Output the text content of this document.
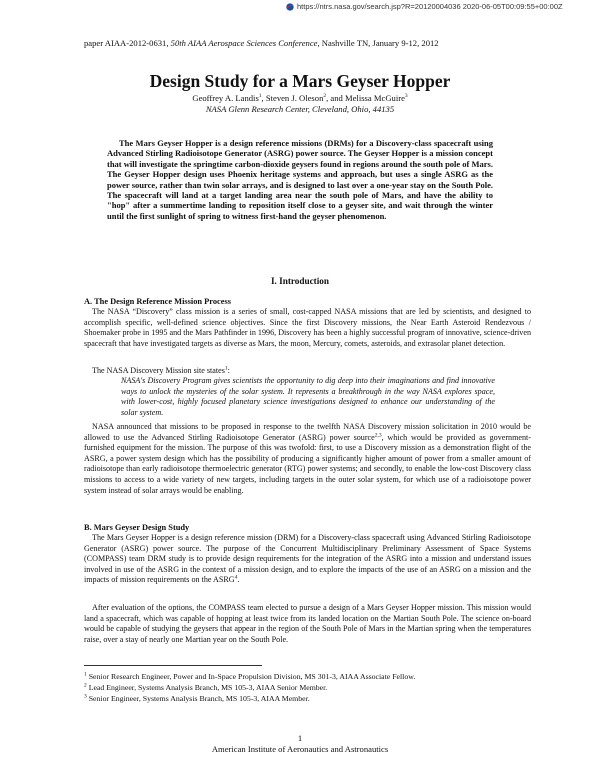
https://ntrs.nasa.gov/search.jsp?R=20120004036 2020-06-05T00:09:55+00:00Z
paper AIAA-2012-0631, 50th AIAA Aerospace Sciences Conference, Nashville TN, January 9-12, 2012
Design Study for a Mars Geyser Hopper
Geoffrey A. Landis$^1$, Steven J. Oleson$^2$, and Melissa McGuire$^3$
NASA Glenn Research Center, Cleveland, Ohio, 44135

The Mars Geyser Hopper is a design reference missions (DRMs) for a Discovery-class spacecraft using Advanced Stirling Radioisotope Generator (ASRG) power source. The Geyser Hopper is a mission concept that will investigate the springtime carbon-dioxide geysers found in regions around the south pole of Mars. The Geyser Hopper design uses Phoenix heritage systems and approach, but uses a single ASRG as the power source, rather than twin solar arrays, and is designed to last over a one-year stay on the South Pole. The spacecraft will land at a target landing area near the south pole of Mars, and have the ability to "hop" after a summertime landing to reposition itself close to a geyser site, and wait through the winter until the first sunlight of spring to witness first-hand the geyser phenomenon.

I. Introduction
A. The Design Reference Mission Process

The NASA “Discovery” class mission is a series of small, cost-capped NASA missions that are led by scientists, and designed to accomplish specific, well-defined science objectives. Since the first Discovery missions, the Near Earth Asteroid Rendezvous / Shoemaker probe in 1995 and the Mars Pathfinder in 1996, Discovery has been a highly successful program of innovative, science-driven spacecraft that have investigated targets as diverse as Mars, the moon, Mercury, comets, asteroids, and extrasolar planet detection.

The NASA Discovery Mission site states$^1$:

NASA's Discovery Program gives scientists the opportunity to dig deep into their imaginations and find innovative ways to unlock the mysteries of the solar system. It represents a breakthrough in the way NASA explores space, with lower-cost, highly focused planetary science investigations designed to enhance our understanding of the solar system.

NASA announced that missions to be proposed in response to the twelfth NASA Discovery mission solicitation in 2010 would be allowed to use the Advanced Stirling Radioisotope Generator (ASRG) power source$^{2,3}$, which would be provided as government-furnished equipment for the mission. The purpose of this was twofold: first, to use a Discovery mission as a demonstration flight of the ASRG, a power system design which has the possibility of producing a significantly higher amount of power from a smaller amount of radioisotope than early radioisotope thermoelectric generator (RTG) power systems; and secondly, to enable the low-cost Discovery class missions to access to a wide variety of new targets, including targets in the outer solar system, for which use of a radioisotope power system instead of solar arrays would be enabling.

B. Mars Geyser Design Study

The Mars Geyser Hopper is a design reference mission (DRM) for a Discovery-class spacecraft using Advanced Stirling Radioisotope Generator (ASRG) power source. The purpose of the Concurrent Multidisciplinary Preliminary Assessment of Space Systems (COMPASS) team DRM study is to provide design requirements for the integration of the ASRG into a mission and understand issues involved in use of the ASRG in the context of a mission design, and to explore the impacts of the use of an ASRG on a mission and the impacts of mission requirements on the ASRG$^4$.

After evaluation of the options, the COMPASS team elected to pursue a design of a Mars Geyser Hopper mission. This mission would land a spacecraft, which was capable of hopping at least twice from its landed location on the Martian South Pole. The science on-board would be capable of studying the geysers that appear in the region of the South Pole of Mars in the Martian spring when the temperatures raise, over a stay of nearly one Martian year on the South Pole.

$^1$ Senior Research Engineer, Power and In-Space Propulsion Division, MS 301-3, AIAA Associate Fellow.
$^2$ Lead Engineer, Systems Analysis Branch, MS 105-3, AIAA Senior Member.
$^3$ Senior Engineer, Systems Analysis Branch, MS 105-3, AIAA Member.
1
American Institute of Aeronautics and Astronautics
